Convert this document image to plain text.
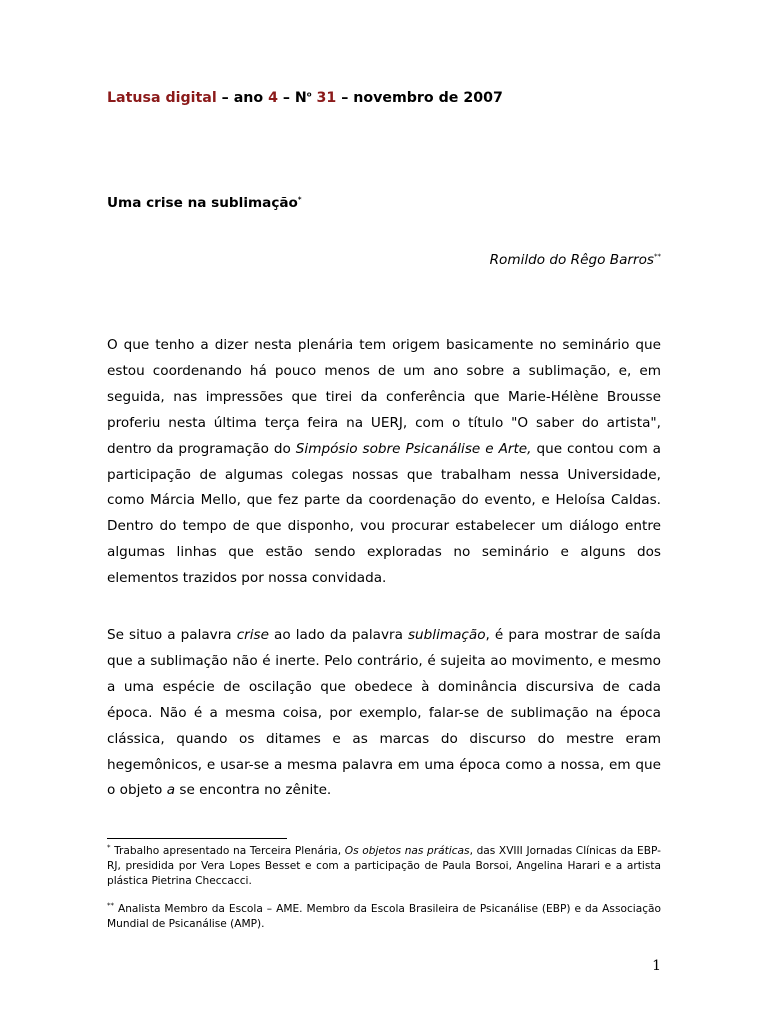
Latusa digital – ano $4 - N^o$ 31 – novembro de 2007
Uma crise na sublimação*
Romildo do Rêgo Barros**

O que tenho a dizer nesta plenária tem origem basicamente no seminário que estou coordenando há pouco menos de um ano sobre a sublimação, e, em seguida, nas impressões que tirei da conferência que Marie-Hélène Brousse proferiu nesta última terça feira na UERJ, com o título "O saber do artista", dentro da programação do Simpósio sobre Psicanálise e Arte, que contou com a participação de algumas colegas nossas que trabalham nessa Universidade, como Márcia Mello, que fez parte da coordenação do evento, e Heloísa Caldas. Dentro do tempo de que disponho, vou procurar estabelecer um diálogo entre algumas linhas que estão sendo exploradas no seminário e alguns dos elementos trazidos por nossa convidada.

Se situo a palavra crise ao lado da palavra sublimação, é para mostrar de saída que a sublimação não é inerte. Pelo contrário, é sujeita ao movimento, e mesmo a uma espécie de oscilação que obedece à dominância discursiva de cada época. Não é a mesma coisa, por exemplo, falar-se de sublimação na época clássica, quando os ditames e as marcas do discurso do mestre eram hegemônicos, e usar-se a mesma palavra em uma época como a nossa, em que o objeto a se encontra no zênite.

* Trabalho apresentado na Terceira Plenária, Os objetos nas práticas, das XVIII Jornadas Clínicas da EBP-RJ, presidida por Vera Lopes Besset e com a participação de Paula Borsoi, Angelina Harari e a artista plástica Pietrina Checcacci.

** Analista Membro da Escola – AME. Membro da Escola Brasileira de Psicanálise (EBP) e da Associação Mundial de Psicanálise (AMP).

1
